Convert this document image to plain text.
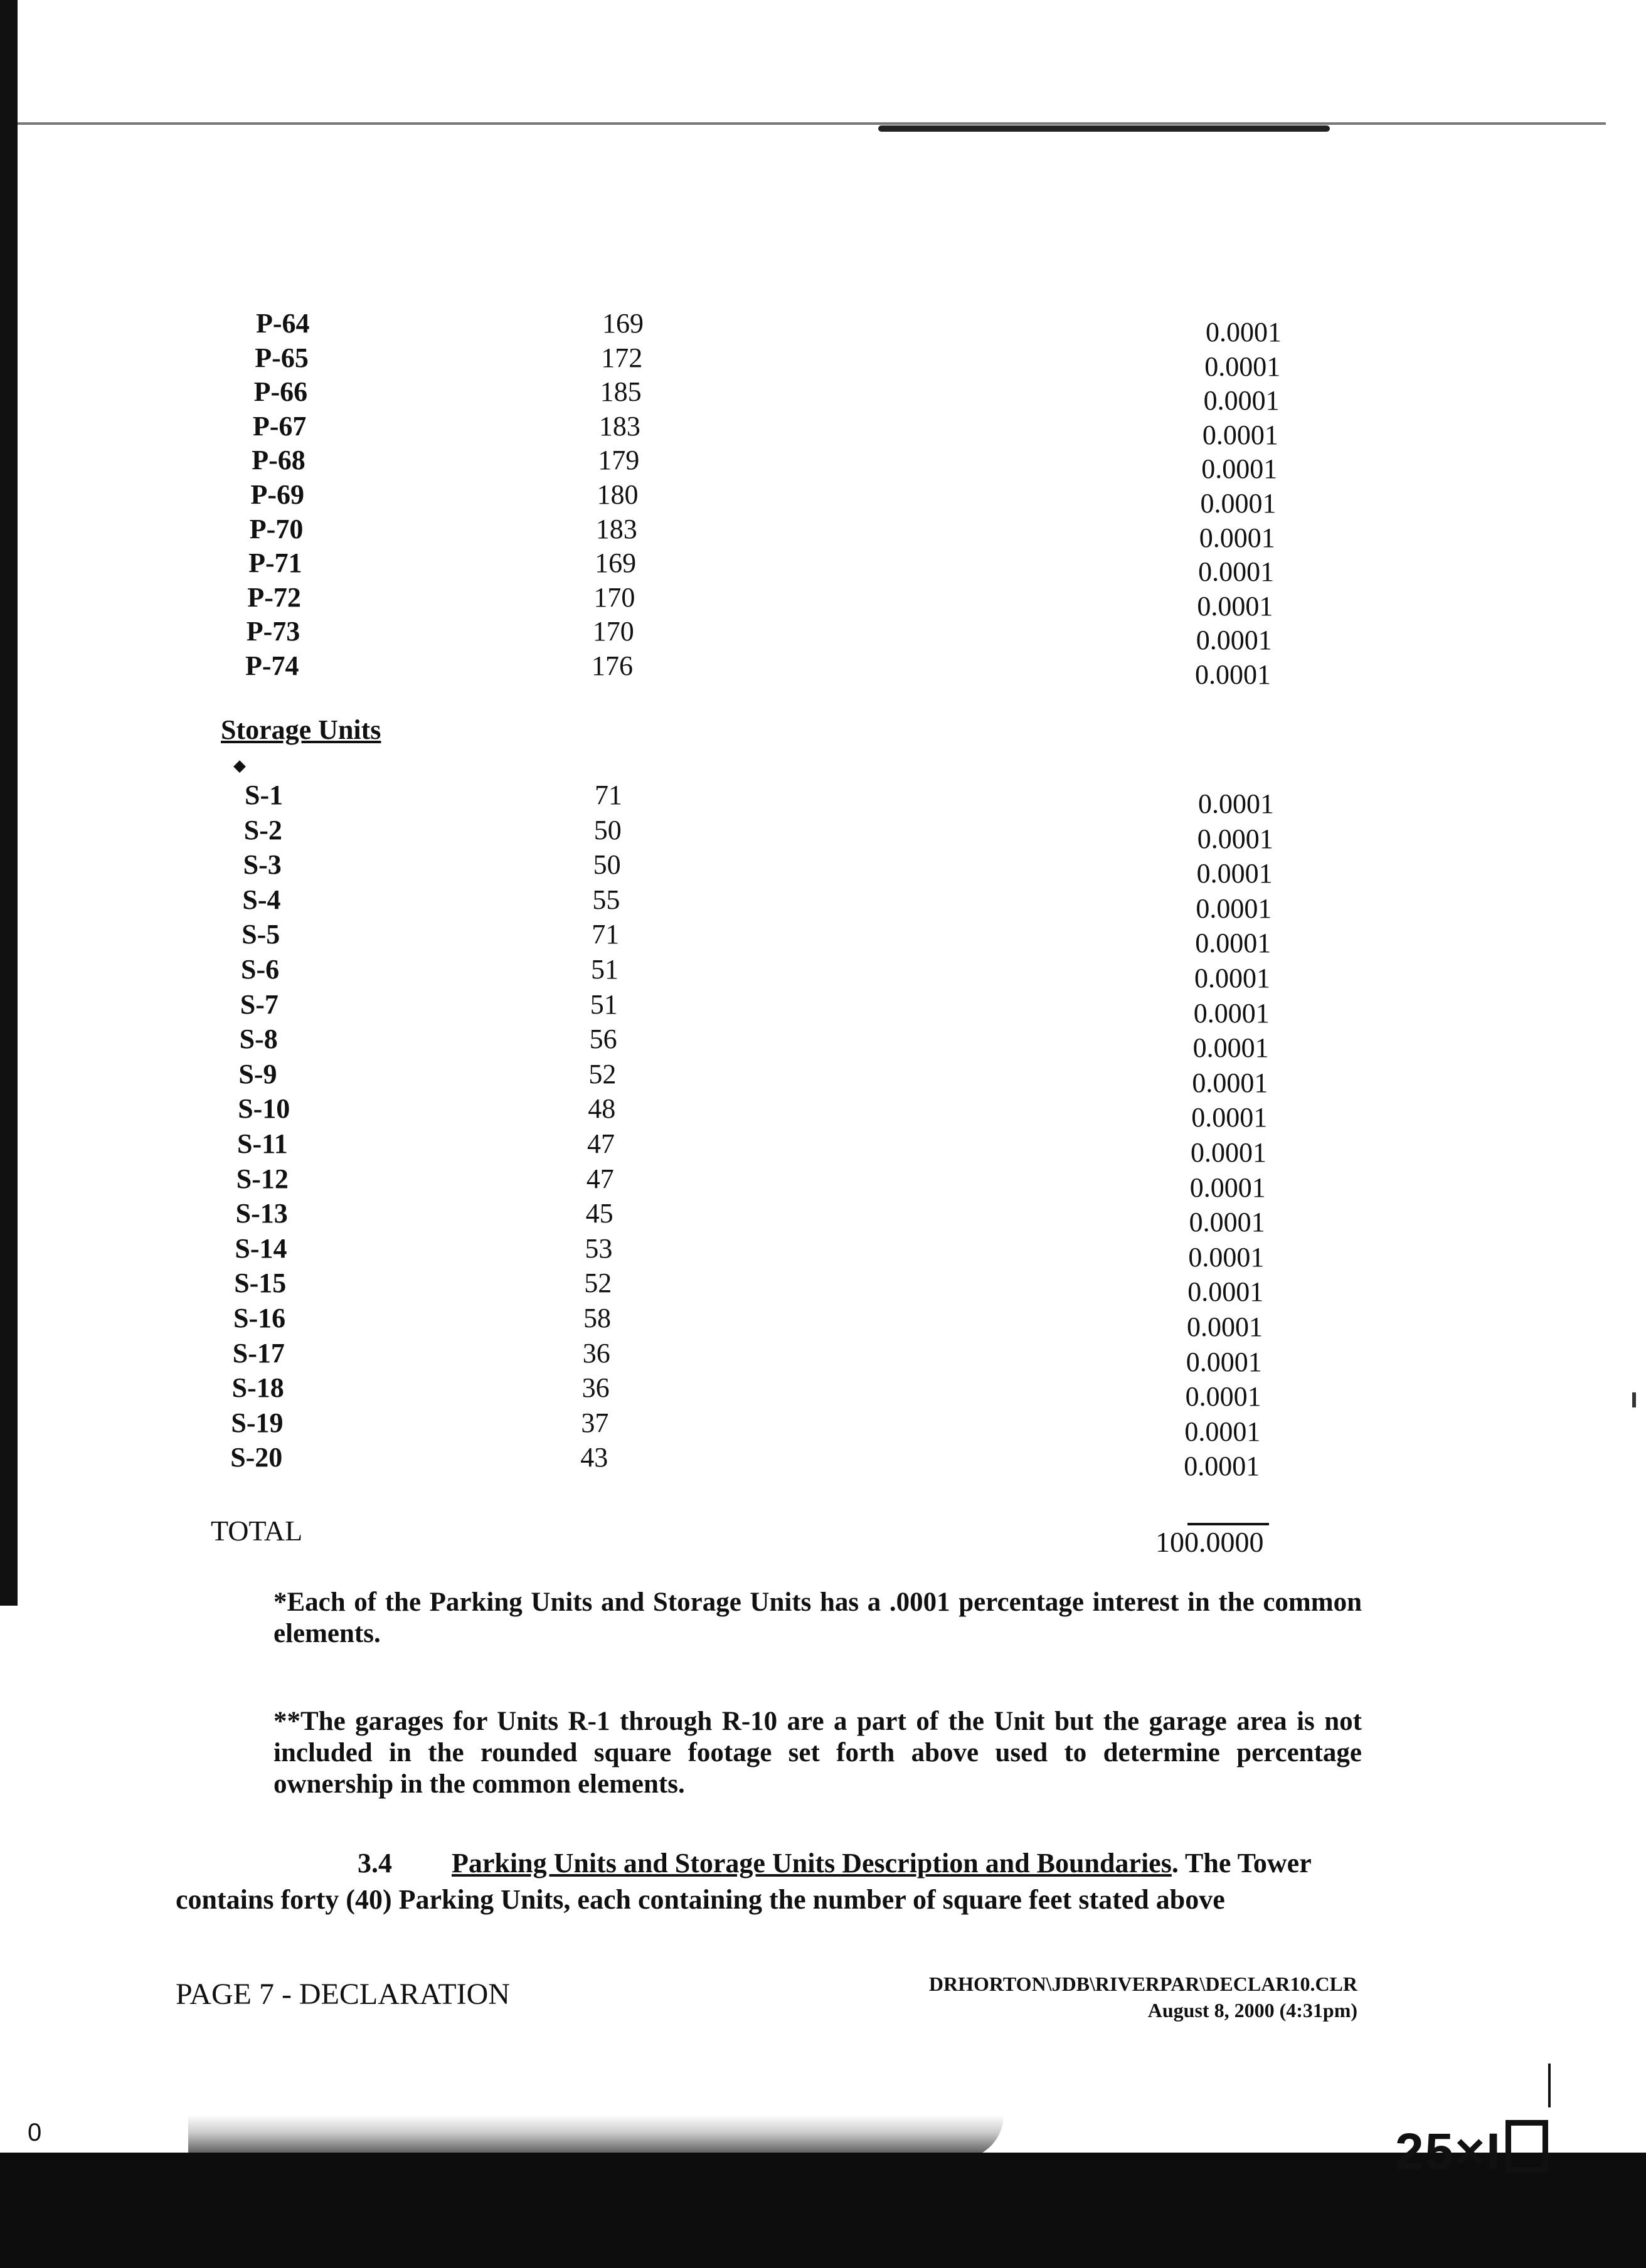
P-64	169	0.0001
P-65	172	0.0001
P-66	185	0.0001
P-67	183	0.0001
P-68	179	0.0001
P-69	180	0.0001
P-70	183	0.0001
P-71	169	0.0001
P-72	170	0.0001
P-73	170	0.0001
P-74	176	0.0001
Storage Units
◆
S-1	71	0.0001
S-2	50	0.0001
S-3	50	0.0001
S-4	55	0.0001
S-5	71	0.0001
S-6	51	0.0001
S-7	51	0.0001
S-8	56	0.0001
S-9	52	0.0001
S-10	48	0.0001
S-11	47	0.0001
S-12	47	0.0001
S-13	45	0.0001
S-14	53	0.0001
S-15	52	0.0001
S-16	58	0.0001
S-17	36	0.0001
S-18	36	0.0001
S-19	37	0.0001
S-20	43	0.0001
TOTAL	100.0000
*Each of the Parking Units and Storage Units has a .0001 percentage interest in the common elements.
**The garages for Units R-1 through R-10 are a part of the Unit but the garage area is not included in the rounded square footage set forth above used to determine percentage ownership in the common elements.
3.4 Parking Units and Storage Units Description and Boundaries. The Tower contains forty (40) Parking Units, each containing the number of square feet stated above
PAGE 7 - DECLARATION	DRHORTON\JDB\RIVERPAR\DECLAR10.CLR
August 8, 2000 (4:31pm)
0	25×I
